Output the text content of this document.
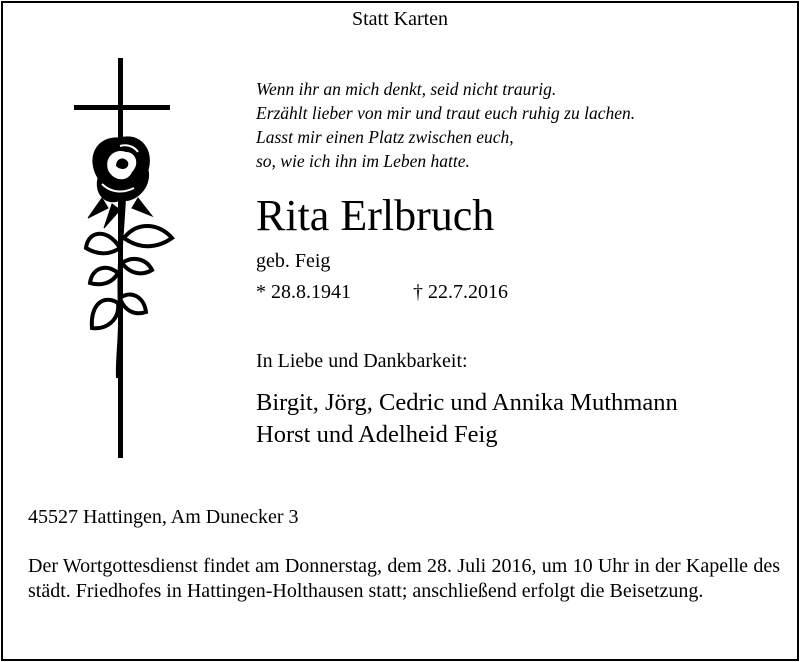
Statt Karten
Wenn ihr an mich denkt, seid nicht traurig.
Erzählt lieber von mir und traut euch ruhig zu lachen.
Lasst mir einen Platz zwischen euch,
so, wie ich ihn im Leben hatte.
Rita Erlbruch
geb. Feig
* 28.8.1941	† 22.7.2016
In Liebe und Dankbarkeit:
Birgit, Jörg, Cedric und Annika Muthmann
Horst und Adelheid Feig
45527 Hattingen, Am Dunecker 3
Der Wortgottesdienst findet am Donnerstag, dem 28. Juli 2016, um 10 Uhr in der Kapelle des städt. Friedhofes in Hattingen-Holthausen statt; anschließend erfolgt die Beisetzung.
